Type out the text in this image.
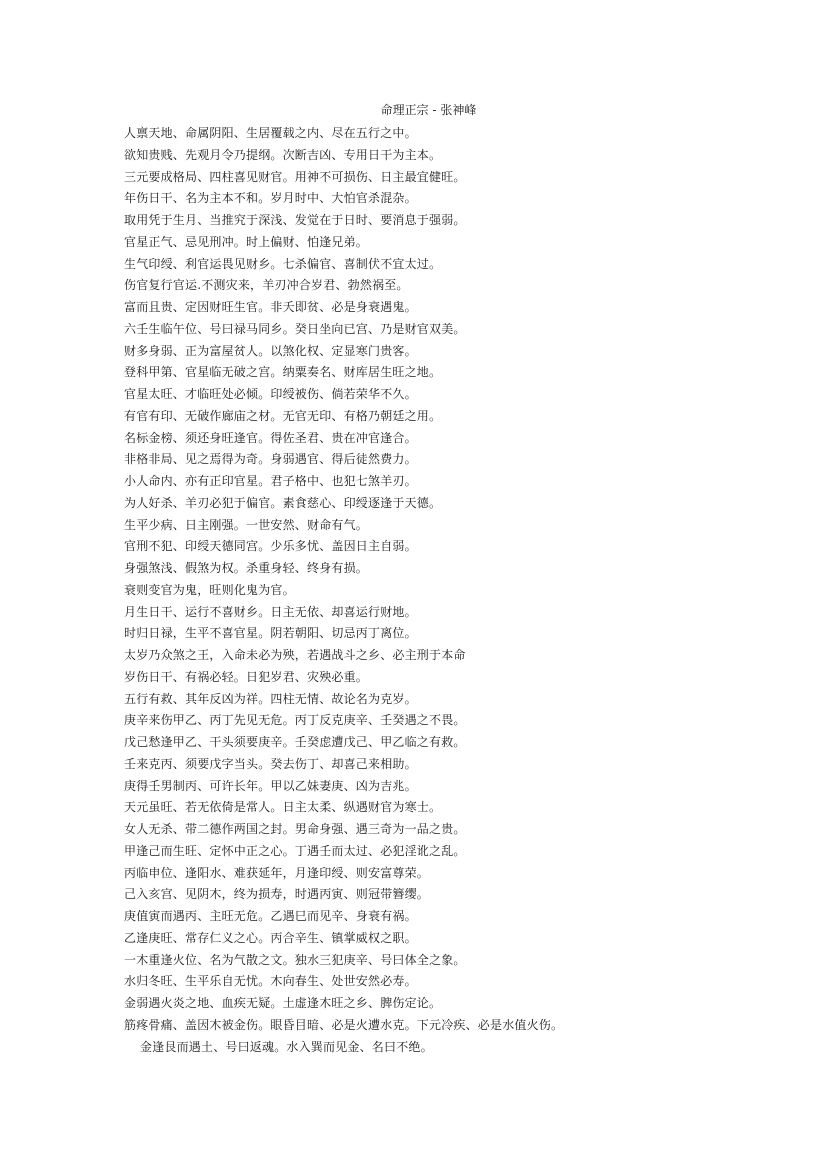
命理正宗 - 张神峰
人禀天地、命属阴阳、生居覆载之内、尽在五行之中。
欲知贵贱、先观月令乃提纲。次断吉凶、专用日干为主本。
三元要成格局、四柱喜见财官。用神不可损伤、日主最宜健旺。
年伤日干、名为主本不和。岁月时中、大怕官杀混杂。
取用凭于生月、当推究于深浅、发觉在于日时、要消息于强弱。
官星正气、忌见刑冲。时上偏财、怕逢兄弟。
生气印绶、利官运畏见财乡。七杀偏官、喜制伏不宜太过。
伤官复行官运.不测灾来，羊刃冲合岁君、勃然祸至。
富而且贵、定因财旺生官。非夭即贫、必是身衰遇鬼。
六壬生临午位、号曰禄马同乡。癸日坐向已宫、乃是财官双美。
财多身弱、正为富屋贫人。以煞化权、定显寒门贵客。
登科甲第、官星临无破之宫。纳粟奏名、财库居生旺之地。
官星太旺、才临旺处必倾。印绶被伤、倘若荣华不久。
有官有印、无破作廊庙之材。无官无印、有格乃朝廷之用。
名标金榜、须还身旺逢官。得佐圣君、贵在冲官逢合。
非格非局、见之焉得为奇。身弱遇官、得后徒然费力。
小人命内、亦有正印官星。君子格中、也犯七煞羊刃。
为人好杀、羊刃必犯于偏官。素食慈心、印绶逐逢于天德。
生平少病、日主刚强。一世安然、财命有气。
官刑不犯、印绶天德同宫。少乐多忧、盖因日主自弱。
身强煞浅、假煞为权。杀重身轻、终身有损。
衰则变官为鬼，旺则化鬼为官。
月生日干、运行不喜财乡。日主无依、却喜运行财地。
时归日禄，生平不喜官星。阴若朝阳、切忌丙丁离位。
太岁乃众煞之王，入命未必为殃，若遇战斗之乡、必主刑于本命
岁伤日干、有祸必轻。日犯岁君、灾殃必重。
五行有救、其年反凶为祥。四柱无情、故论名为克岁。
庚辛来伤甲乙、丙丁先见无危。丙丁反克庚辛、壬癸遇之不畏。
戊己愁逢甲乙、干头须要庚辛。壬癸虑遭戊己、甲乙临之有救。
壬来克丙、须要戊字当头。癸去伤丁、却喜己来相助。
庚得壬男制丙、可许长年。甲以乙妹妻庚、凶为吉兆。
天元虽旺、若无依倚是常人。日主太柔、纵遇财官为寒士。
女人无杀、带二德作两国之封。男命身强、遇三奇为一品之贵。
甲逢己而生旺、定怀中正之心。丁遇壬而太过、必犯淫讹之乱。
丙临申位、逢阳水、难获延年，月逢印绶、则安富尊荣。
己入亥宫、见阴木，终为损寿，时遇丙寅、则冠带簪缨。
庚值寅而遇丙、主旺无危。乙遇巳而见辛、身衰有祸。
乙逢庚旺、常存仁义之心。丙合辛生、镇掌威权之职。
一木重逢火位、名为气散之文。独水三犯庚辛、号曰体全之象。
水归冬旺、生平乐自无忧。木向春生、处世安然必寿。
金弱遇火炎之地、血疾无疑。土虚逢木旺之乡、脾伤定论。
筋疼骨痛、盖因木被金伤。眼昏目暗、必是火遭水克。下元冷疾、必是水值火伤。
金逢艮而遇土、号曰返魂。水入巽而见金、名曰不绝。
